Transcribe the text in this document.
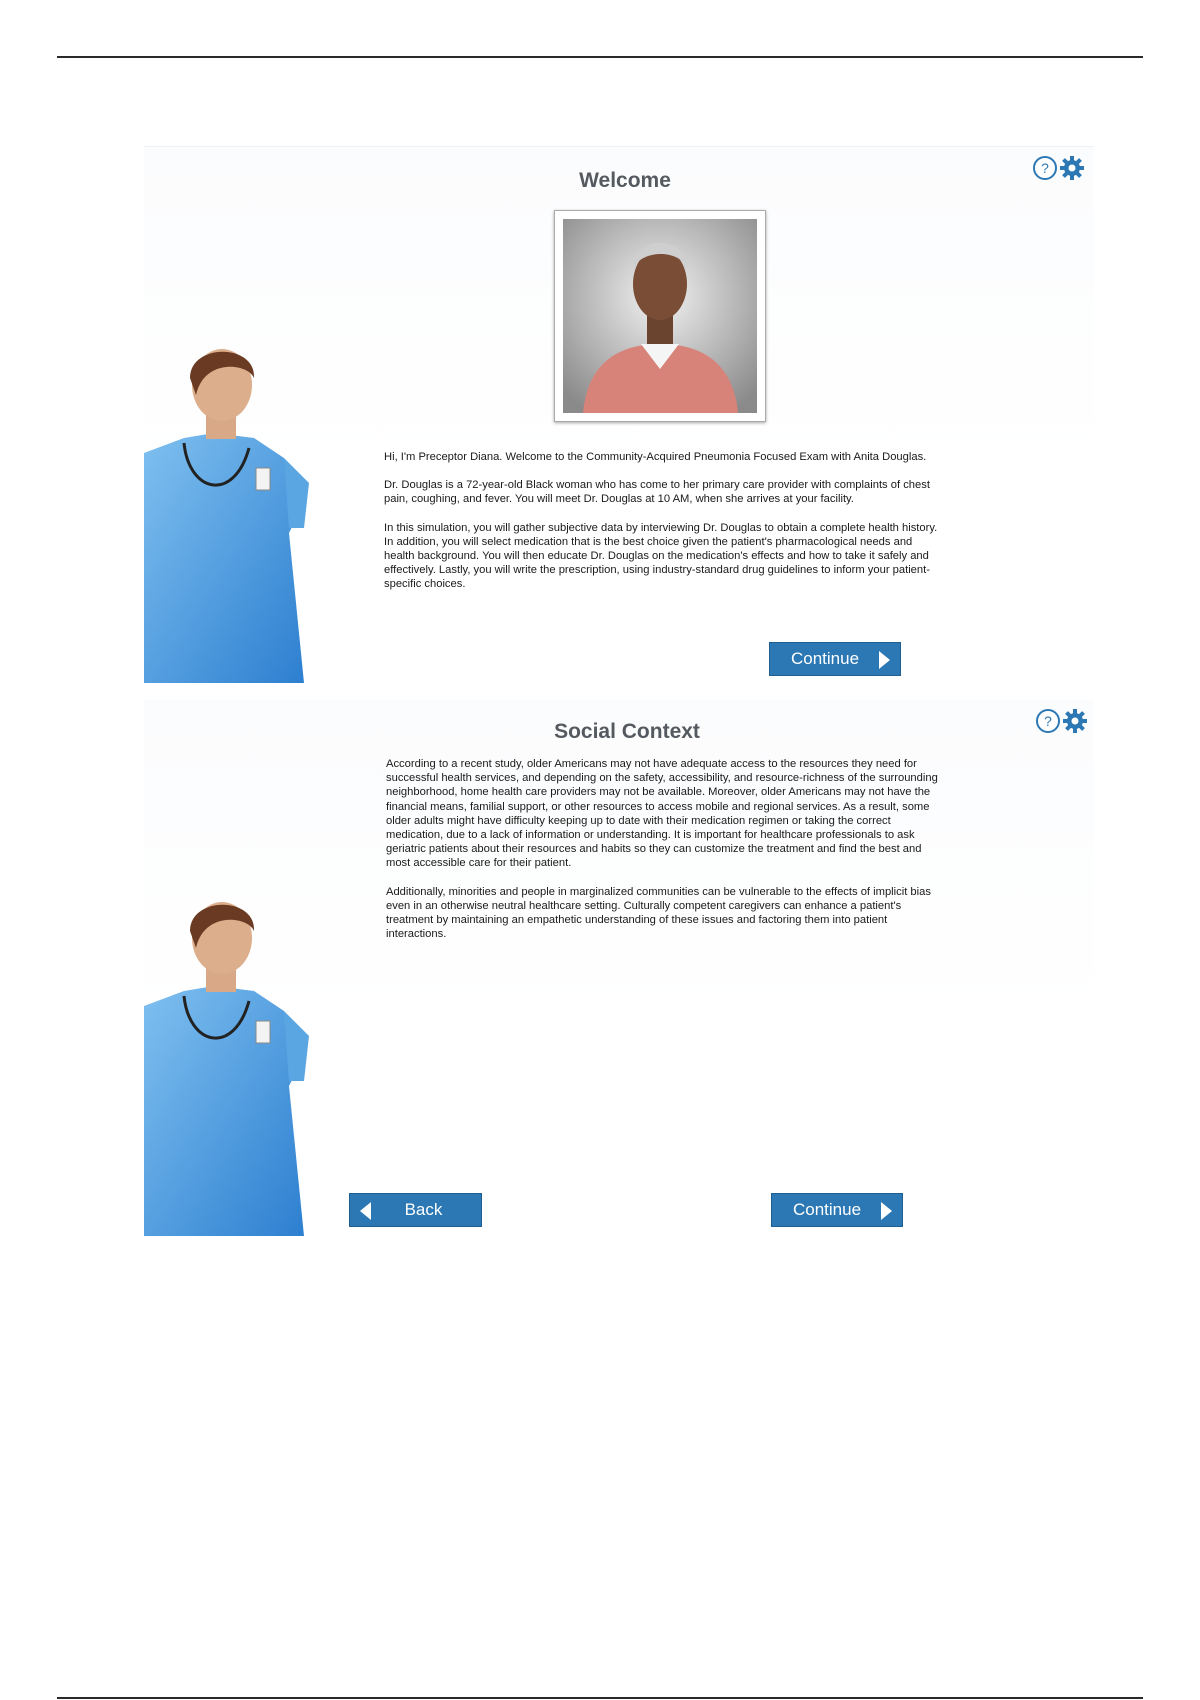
Welcome
?

Hi, I'm Preceptor Diana. Welcome to the Community-Acquired Pneumonia Focused Exam with Anita Douglas.

Dr. Douglas is a 72-year-old Black woman who has come to her primary care provider with complaints of chest pain, coughing, and fever. You will meet Dr. Douglas at 10 AM, when she arrives at your facility.

In this simulation, you will gather subjective data by interviewing Dr. Douglas to obtain a complete health history. In addition, you will select medication that is the best choice given the patient's pharmacological needs and health background. You will then educate Dr. Douglas on the medication's effects and how to take it safely and effectively. Lastly, you will write the prescription, using industry-standard drug guidelines to inform your patient-specific choices.

Continue
Social Context	?

According to a recent study, older Americans may not have adequate access to the resources they need for successful health services, and depending on the safety, accessibility, and resource-richness of the surrounding neighborhood, home health care providers may not be available. Moreover, older Americans may not have the financial means, familial support, or other resources to access mobile and regional services. As a result, some older adults might have difficulty keeping up to date with their medication regimen or taking the correct medication, due to a lack of information or understanding. It is important for healthcare professionals to ask geriatric patients about their resources and habits so they can customize the treatment and find the best and most accessible care for their patient.

Additionally, minorities and people in marginalized communities can be vulnerable to the effects of implicit bias even in an otherwise neutral healthcare setting. Culturally competent caregivers can enhance a patient's treatment by maintaining an empathetic understanding of these issues and factoring them into patient interactions.

Back	Continue
